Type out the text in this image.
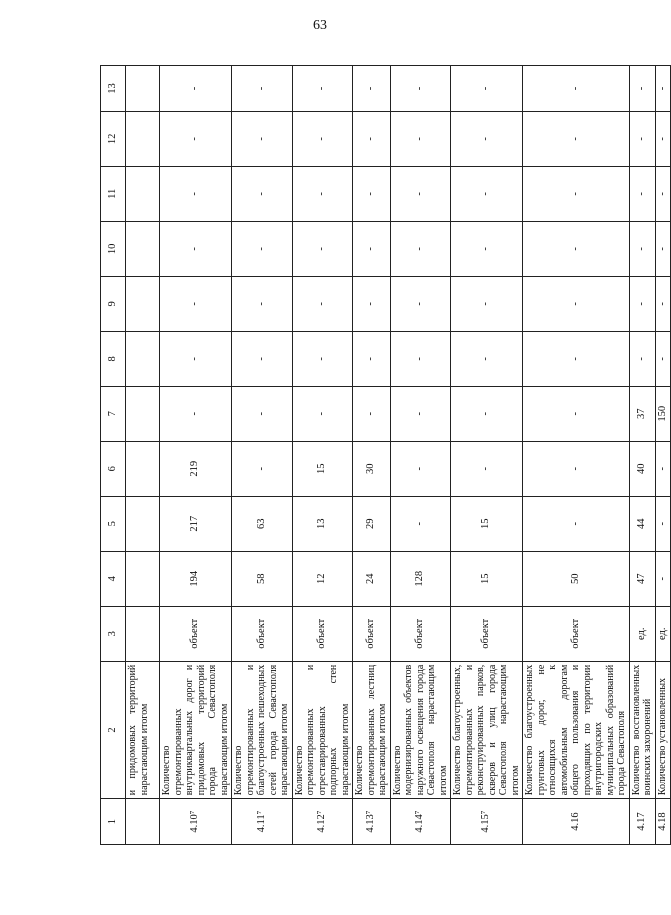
63
1	2	3	4	5	6	7	8	9	10	11	12	13
	и придомовых территорий нарастающим итогом											
4.10⁷	Количество отремонтированных внутриквартальных дорог и придомовых территорий города Севастополя нарастающим итогом	объект	194	217	219	-	-	-	-	-	-	-
4.11⁷	Количество отремонтированных и благоустроенных пешеходных сетей города Севастополя нарастающим итогом	объект	58	63	-	-	-	-	-	-	-	-
4.12⁷	Количество отремонтированных и отреставрированных подпорных стен нарастающим итогом	объект	12	13	15	-	-	-	-	-	-	-
4.13⁷	Количество отремонтированных лестниц нарастающим итогом	объект	24	29	30	-	-	-	-	-	-	-
4.14⁷	Количество модернизированных объектов наружного освещения города Севастополя нарастающим итогом	объект	128	-	-	-	-	-	-	-	-	-
4.15⁷	Количество благоустроенных, отремонтированных и реконструированных парков, скверов и улиц города Севастополя нарастающим итогом	объект	15	15	-	-	-	-	-	-	-	-
4.16	Количество благоустроенных грунтовых дорог, не относящихся к автомобильным дорогам общего пользования и проходящих по территории внутригородских муниципальных образований города Севастополя	объект	50	-	-	-	-	-	-	-	-	-
4.17	Количество восстановленных воинских захоронений	ед.	47	44	40	37	-	-	-	-	-	-
4.18	Количество установленных	ед.	-	-	-	150	-	-	-	-	-	-
